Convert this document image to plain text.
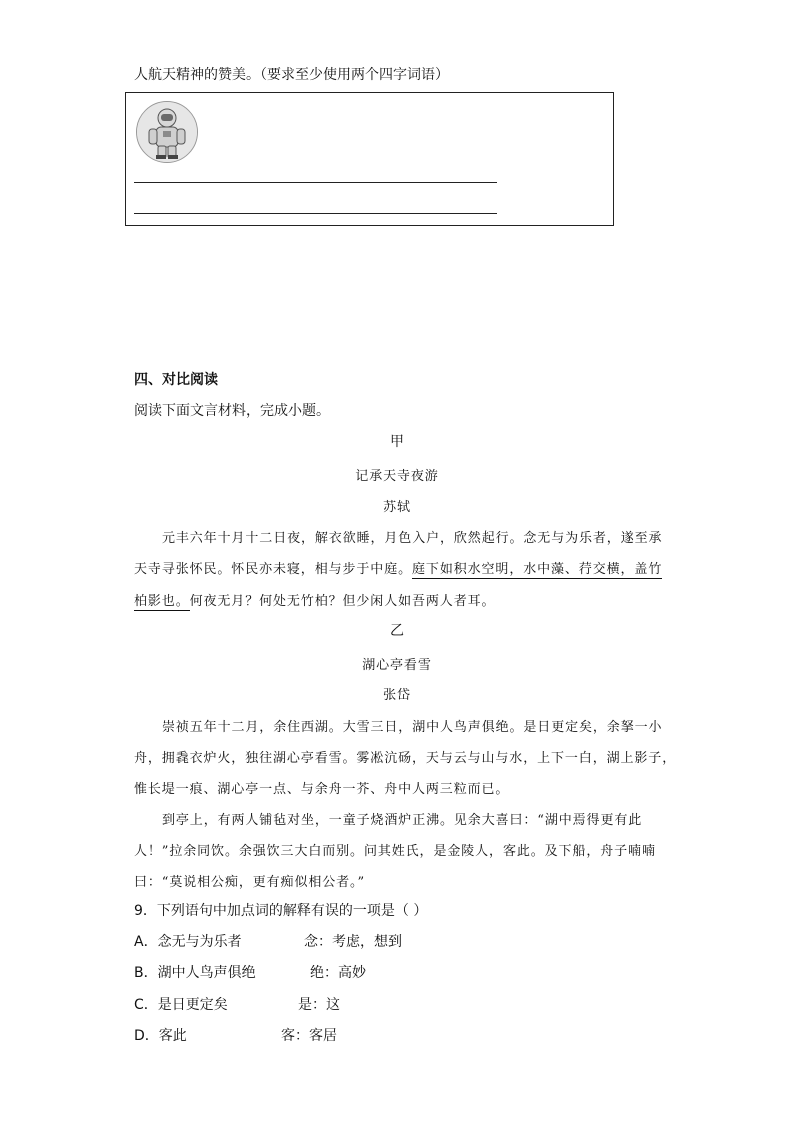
人航天精神的赞美。（要求至少使用两个四字词语）
四、对比阅读
阅读下面文言材料，完成小题。
甲
记承天寺夜游
苏轼
元丰六年十月十二日夜，解衣欲睡，月色入户，欣然起行。念无与为乐者，遂至承
天寺寻张怀民。怀民亦未寝，相与步于中庭。庭下如积水空明，水中藻、荇交横，盖竹
柏影也。何夜无月？何处无竹柏？但少闲人如吾两人者耳。
乙
湖心亭看雪
张岱
崇祯五年十二月，余住西湖。大雪三日，湖中人鸟声俱绝。是日更定矣，余拏一小
舟，拥毳衣炉火，独往湖心亭看雪。雾凇沆砀，天与云与山与水，上下一白，湖上影子，
惟长堤一痕、湖心亭一点、与余舟一芥、舟中人两三粒而已。
到亭上，有两人铺毡对坐，一童子烧酒炉正沸。见余大喜曰：“湖中焉得更有此
人！”拉余同饮。余强饮三大白而别。问其姓氏，是金陵人，客此。及下船，舟子喃喃
曰：“莫说相公痴，更有痴似相公者。”
9．下列语句中加点词的解释有误的一项是（ ）
A．念无与为乐者	念：考虑，想到
B．湖中人鸟声俱绝	绝：高妙
C．是日更定矣	是：这
D．客此	客：客居
